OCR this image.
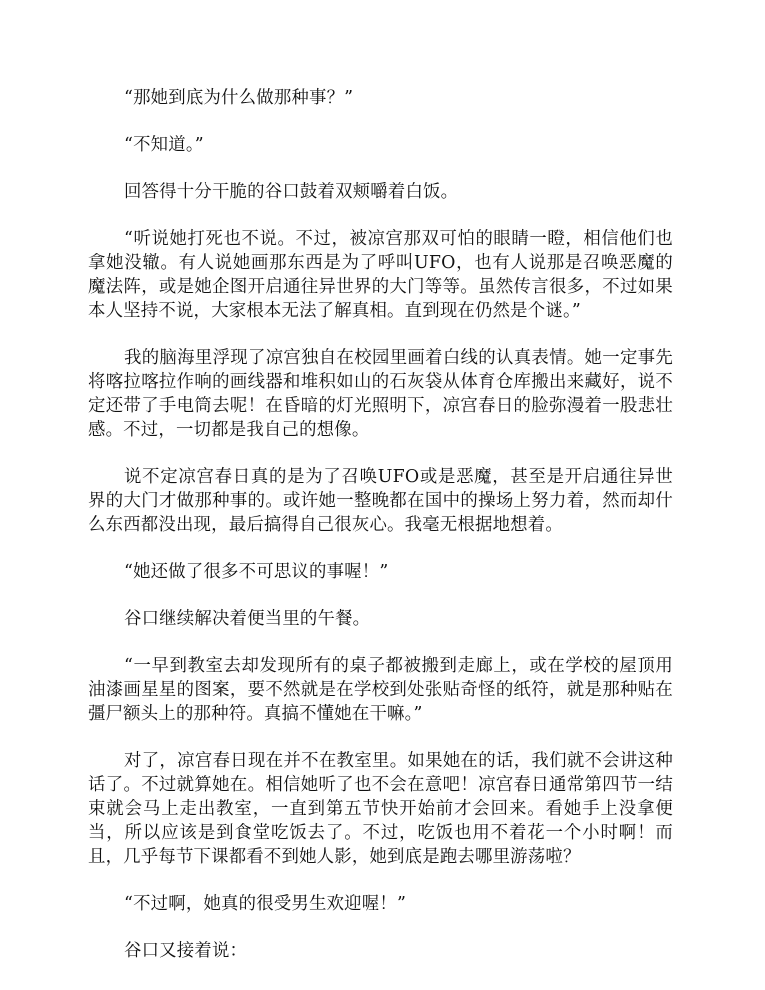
“那她到底为什么做那种事？”

“不知道。”

回答得十分干脆的谷口鼓着双颊嚼着白饭。

“听说她打死也不说。不过，被凉宫那双可怕的眼睛一瞪，相信他们也拿她没辙。有人说她画那东西是为了呼叫UFO，也有人说那是召唤恶魔的魔法阵，或是她企图开启通往异世界的大门等等。虽然传言很多，不过如果本人坚持不说，大家根本无法了解真相。直到现在仍然是个谜。”

我的脑海里浮现了凉宫独自在校园里画着白线的认真表情。她一定事先将喀拉喀拉作响的画线器和堆积如山的石灰袋从体育仓库搬出来藏好，说不定还带了手电筒去呢！在昏暗的灯光照明下，凉宫春日的脸弥漫着一股悲壮感。不过，一切都是我自己的想像。

说不定凉宫春日真的是为了召唤UFO或是恶魔，甚至是开启通往异世界的大门才做那种事的。或许她一整晚都在国中的操场上努力着，然而却什么东西都没出现，最后搞得自己很灰心。我毫无根据地想着。

“她还做了很多不可思议的事喔！”

谷口继续解决着便当里的午餐。

“一早到教室去却发现所有的桌子都被搬到走廊上，或在学校的屋顶用油漆画星星的图案，要不然就是在学校到处张贴奇怪的纸符，就是那种贴在彊尸额头上的那种符。真搞不懂她在干嘛。”

对了，凉宫春日现在并不在教室里。如果她在的话，我们就不会讲这种话了。不过就算她在。相信她听了也不会在意吧！凉宫春日通常第四节一结束就会马上走出教室，一直到第五节快开始前才会回来。看她手上没拿便当，所以应该是到食堂吃饭去了。不过，吃饭也用不着花一个小时啊！而且，几乎每节下课都看不到她人影，她到底是跑去哪里游荡啦？

“不过啊，她真的很受男生欢迎喔！”

谷口又接着说：
